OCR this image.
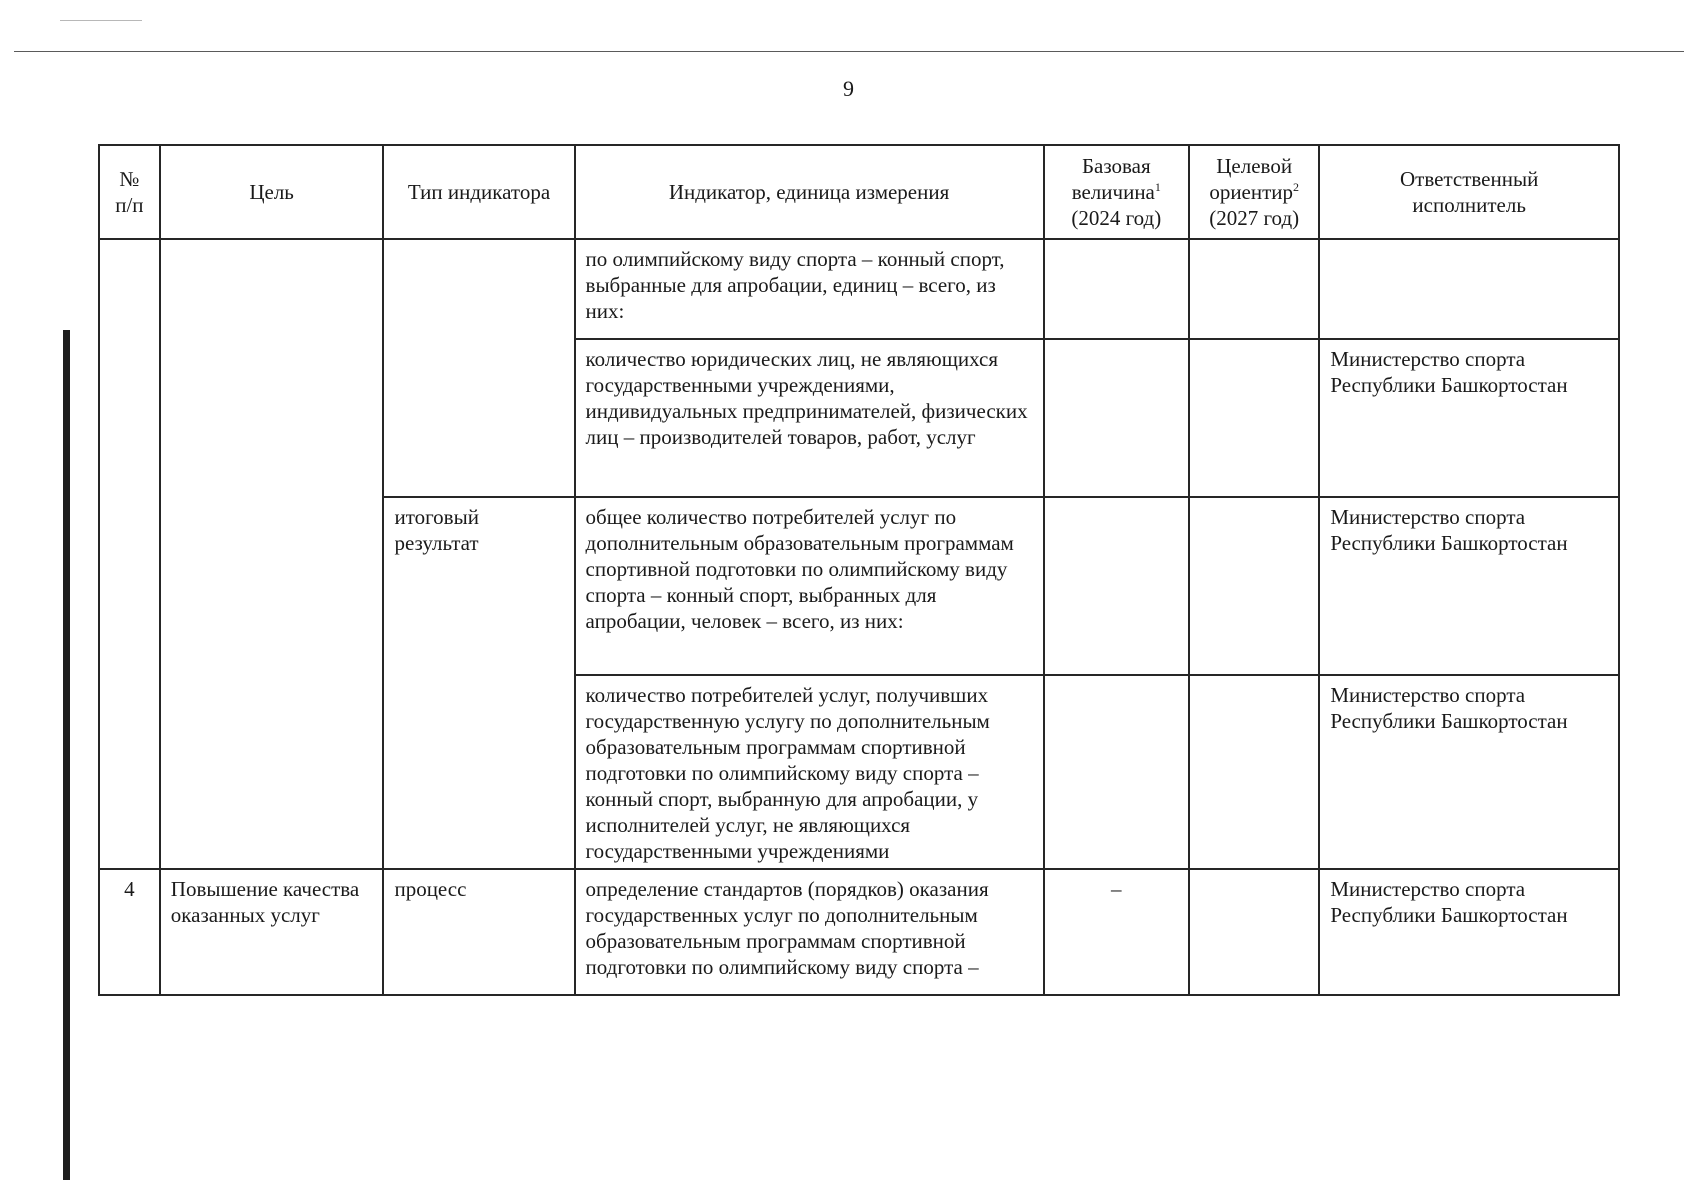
9
№
п/п	Цель	Тип индикатора	Индикатор, единица измерения	Базовая
величина$^1$
(2024 год)	Целевой
ориентир$^2$
(2027 год)	Ответственный
исполнитель

			по олимпийскому виду спорта – конный спорт, выбранные для апробации, единиц – всего, из них:			
			количество юридических лиц, не являющихся государственными учреждениями, индивидуальных предпринимателей, физических лиц – производителей товаров, работ, услуг			Министерство спорта Республики Башкортостан
		итоговый результат	общее количество потребителей услуг по дополнительным образовательным программам спортивной подготовки по олимпийскому виду спорта – конный спорт, выбранных для апробации, человек – всего, из них:			Министерство спорта Республики Башкортостан
			количество потребителей услуг, получивших государственную услугу по дополнительным образовательным программам спортивной подготовки по олимпийскому виду спорта – конный спорт, выбранную для апробации, у исполнителей услуг, не являющихся государственными учреждениями			Министерство спорта Республики Башкортостан
4	Повышение качества оказанных услуг	процесс	определение стандартов (порядков) оказания государственных услуг по дополнительным образовательным программам спортивной подготовки по олимпийскому виду спорта –	–		Министерство спорта Республики Башкортостан
